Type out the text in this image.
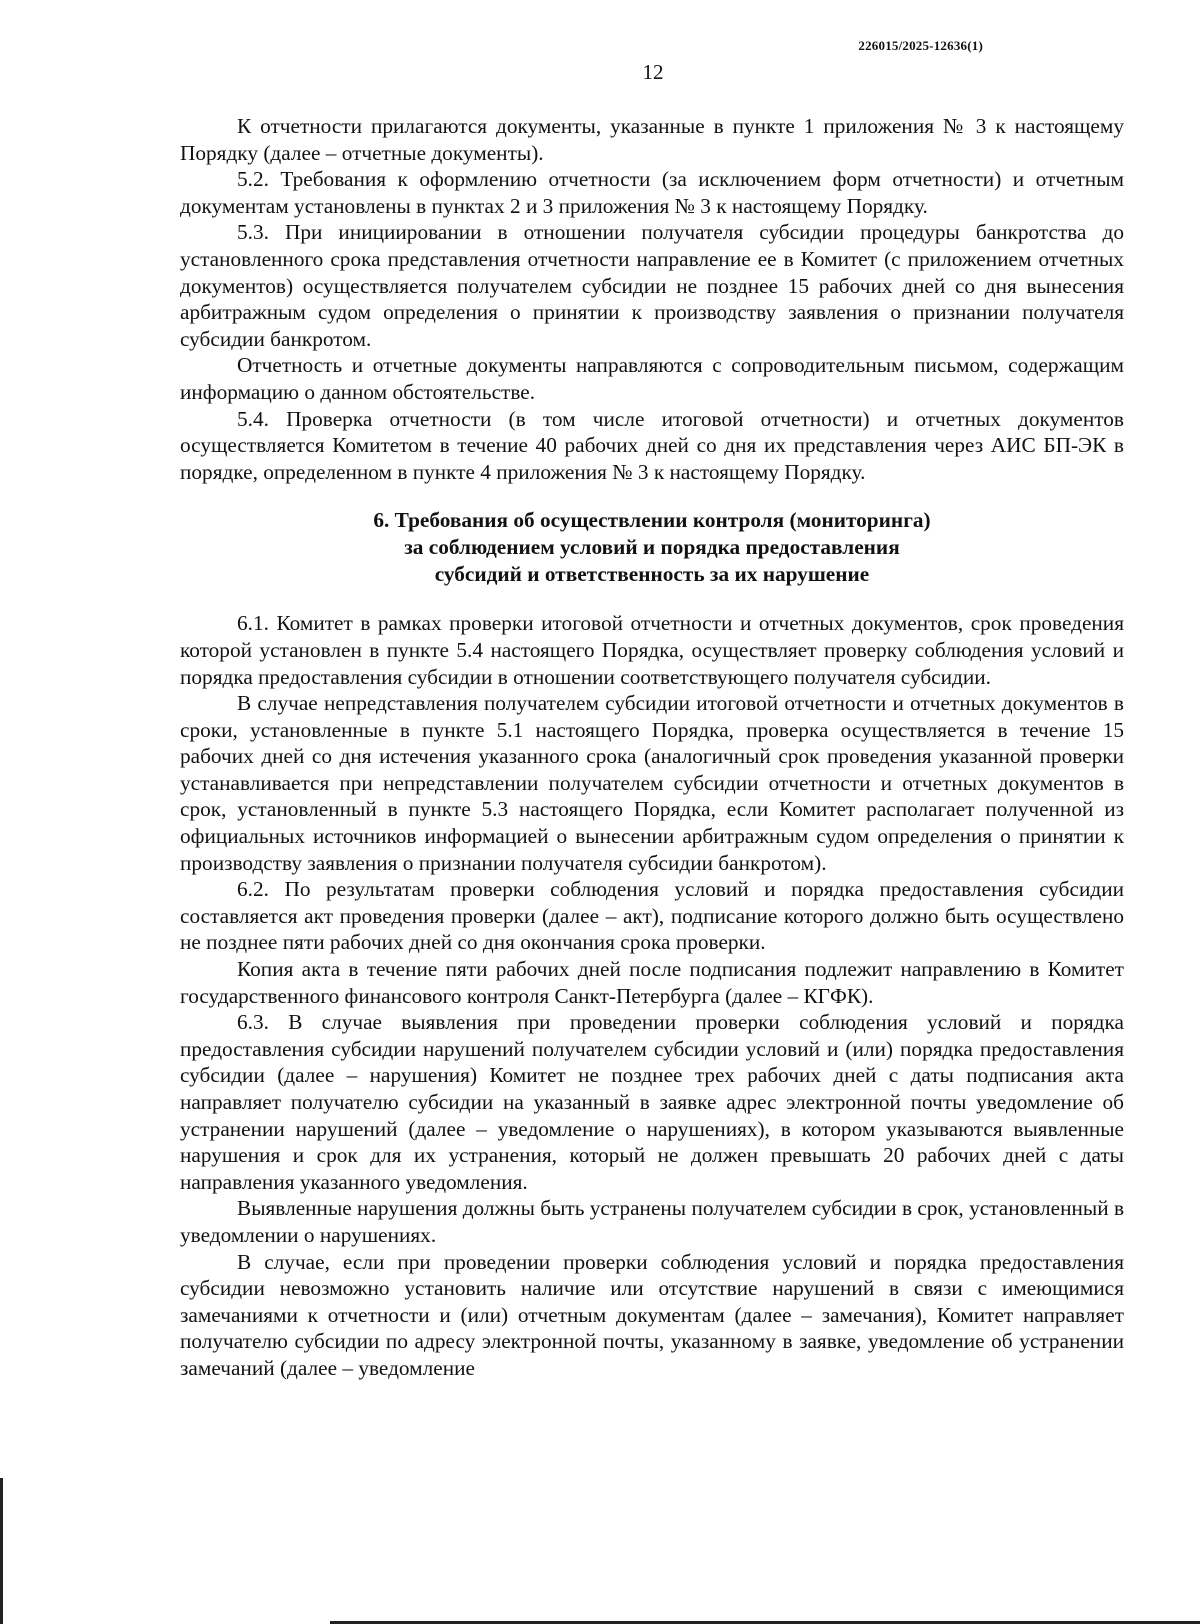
226015/2025-12636(1)
12

К отчетности прилагаются документы, указанные в пункте 1 приложения № 3 к настоящему Порядку (далее – отчетные документы).

5.2. Требования к оформлению отчетности (за исключением форм отчетности) и отчетным документам установлены в пунктах 2 и 3 приложения № 3 к настоящему Порядку.

5.3. При инициировании в отношении получателя субсидии процедуры банкротства до установленного срока представления отчетности направление ее в Комитет (с приложением отчетных документов) осуществляется получателем субсидии не позднее 15 рабочих дней со дня вынесения арбитражным судом определения о принятии к производству заявления о признании получателя субсидии банкротом.

Отчетность и отчетные документы направляются с сопроводительным письмом, содержащим информацию о данном обстоятельстве.

5.4. Проверка отчетности (в том числе итоговой отчетности) и отчетных документов осуществляется Комитетом в течение 40 рабочих дней со дня их представления через АИС БП-ЭК в порядке, определенном в пункте 4 приложения № 3 к настоящему Порядку.

6. Требования об осуществлении контроля (мониторинга)
за соблюдением условий и порядка предоставления
субсидий и ответственность за их нарушение

6.1. Комитет в рамках проверки итоговой отчетности и отчетных документов, срок проведения которой установлен в пункте 5.4 настоящего Порядка, осуществляет проверку соблюдения условий и порядка предоставления субсидии в отношении соответствующего получателя субсидии.

В случае непредставления получателем субсидии итоговой отчетности и отчетных документов в сроки, установленные в пункте 5.1 настоящего Порядка, проверка осуществляется в течение 15 рабочих дней со дня истечения указанного срока (аналогичный срок проведения указанной проверки устанавливается при непредставлении получателем субсидии отчетности и отчетных документов в срок, установленный в пункте 5.3 настоящего Порядка, если Комитет располагает полученной из официальных источников информацией о вынесении арбитражным судом определения о принятии к производству заявления о признании получателя субсидии банкротом).

6.2. По результатам проверки соблюдения условий и порядка предоставления субсидии составляется акт проведения проверки (далее – акт), подписание которого должно быть осуществлено не позднее пяти рабочих дней со дня окончания срока проверки.

Копия акта в течение пяти рабочих дней после подписания подлежит направлению в Комитет государственного финансового контроля Санкт-Петербурга (далее – КГФК).

6.3. В случае выявления при проведении проверки соблюдения условий и порядка предоставления субсидии нарушений получателем субсидии условий и (или) порядка предоставления субсидии (далее – нарушения) Комитет не позднее трех рабочих дней с даты подписания акта направляет получателю субсидии на указанный в заявке адрес электронной почты уведомление об устранении нарушений (далее – уведомление о нарушениях), в котором указываются выявленные нарушения и срок для их устранения, который не должен превышать 20 рабочих дней с даты направления указанного уведомления.

Выявленные нарушения должны быть устранены получателем субсидии в срок, установленный в уведомлении о нарушениях.

В случае, если при проведении проверки соблюдения условий и порядка предоставления субсидии невозможно установить наличие или отсутствие нарушений в связи с имеющимися замечаниями к отчетности и (или) отчетным документам (далее – замечания), Комитет направляет получателю субсидии по адресу электронной почты, указанному в заявке, уведомление об устранении замечаний (далее – уведомление
